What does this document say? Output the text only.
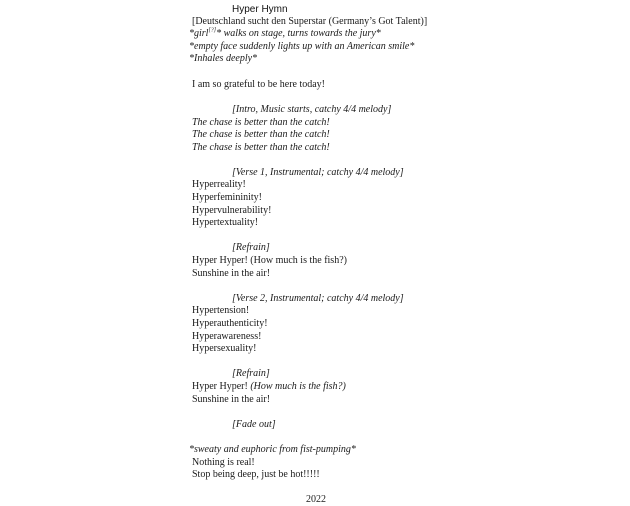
Hyper Hymn
[Deutschland sucht den Superstar (Germany’s Got Talent)]
*girl[?]* walks on stage, turns towards the jury*
*empty face suddenly lights up with an American smile*
*Inhales deeply*
I am so grateful to be here today!
[Intro, Music starts, catchy 4/4 melody]
The chase is better than the catch!
The chase is better than the catch!
The chase is better than the catch!
[Verse 1, Instrumental; catchy 4/4 melody]
Hyperreality!
Hyperfemininity!
Hypervulnerability!
Hypertextuality!
[Refrain]
Hyper Hyper! (How much is the fish?)
Sunshine in the air!
[Verse 2, Instrumental; catchy 4/4 melody]
Hypertension!
Hyperauthenticity!
Hyperawareness!
Hypersexuality!
[Refrain]
Hyper Hyper! (How much is the fish?)
Sunshine in the air!
[Fade out]
*sweaty and euphoric from fist-pumping*
Nothing is real!
Stop being deep, just be hot!!!!!
2022
